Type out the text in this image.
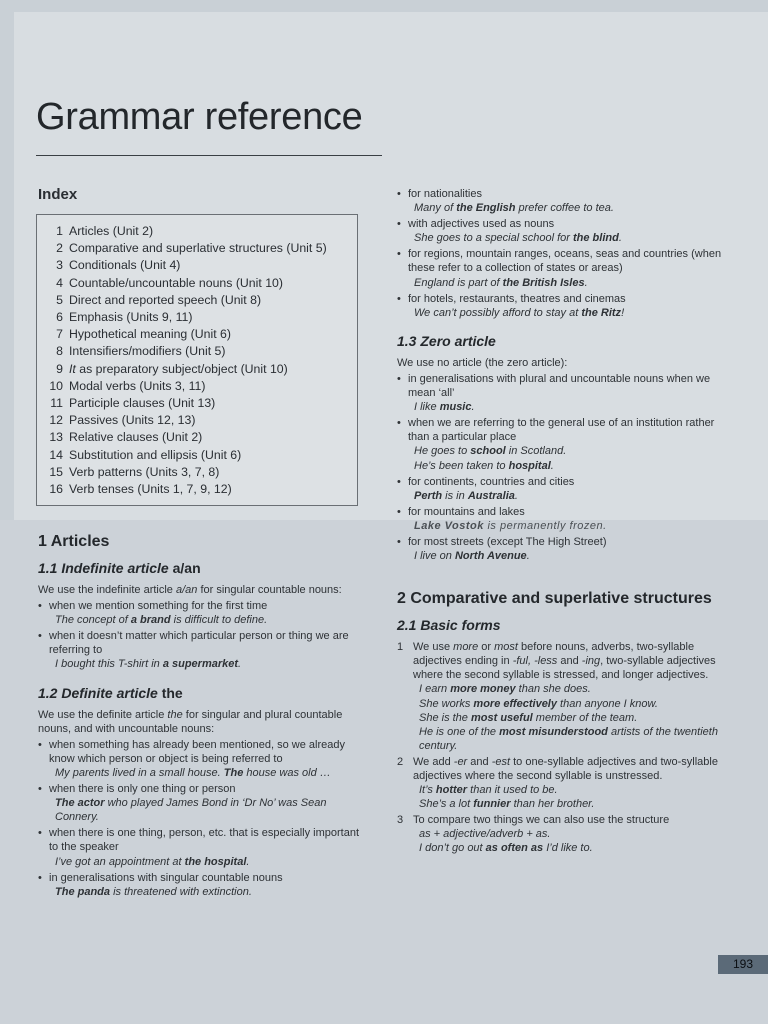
Grammar reference
Index
1 Articles (Unit 2)
2 Comparative and superlative structures (Unit 5)
3 Conditionals (Unit 4)
4 Countable/uncountable nouns (Unit 10)
5 Direct and reported speech (Unit 8)
6 Emphasis (Units 9, 11)
7 Hypothetical meaning (Unit 6)
8 Intensifiers/modifiers (Unit 5)
9 It as preparatory subject/object (Unit 10)
10 Modal verbs (Units 3, 11)
11 Participle clauses (Unit 13)
12 Passives (Units 12, 13)
13 Relative clauses (Unit 2)
14 Substitution and ellipsis (Unit 6)
15 Verb patterns (Units 3, 7, 8)
16 Verb tenses (Units 1, 7, 9, 12)
1 Articles
1.1 Indefinite article a/an

We use the indefinite article a/an for singular countable nouns:

• when we mention something for the first time
The concept of a brand is difficult to define.
• when it doesn’t matter which particular person or thing we are referring to
I bought this T-shirt in a supermarket.
1.2 Definite article the

We use the definite article the for singular and plural countable nouns, and with uncountable nouns:

• when something has already been mentioned, so we already know which person or object is being referred to
My parents lived in a small house. The house was old …
• when there is only one thing or person
The actor who played James Bond in ‘Dr No’ was Sean Connery.
• when there is one thing, person, etc. that is especially important to the speaker
I’ve got an appointment at the hospital.
• in generalisations with singular countable nouns
The panda is threatened with extinction.
• for nationalities
Many of the English prefer coffee to tea.
• with adjectives used as nouns
She goes to a special school for the blind.
• for regions, mountain ranges, oceans, seas and countries (when these refer to a collection of states or areas)
England is part of the British Isles.
• for hotels, restaurants, theatres and cinemas
We can’t possibly afford to stay at the Ritz!
1.3 Zero article

We use no article (the zero article):

• in generalisations with plural and uncountable nouns when we mean ‘all’
I like music.
• when we are referring to the general use of an institution rather than a particular place
He goes to school in Scotland.
He’s been taken to hospital.
• for continents, countries and cities
Perth is in Australia.
• for mountains and lakes
Lake Vostok is permanently frozen.
• for most streets (except The High Street)
I live on North Avenue.
2 Comparative and superlative structures
2.1 Basic forms
1 We use more or most before nouns, adverbs, two-syllable adjectives ending in -ful, -less and -ing, two-syllable adjectives where the second syllable is stressed, and longer adjectives.
I earn more money than she does.
She works more effectively than anyone I know.
She is the most useful member of the team.
He is one of the most misunderstood artists of the twentieth century.
2 We add -er and -est to one-syllable adjectives and two-syllable adjectives where the second syllable is unstressed.
It’s hotter than it used to be.
She’s a lot funnier than her brother.
3 To compare two things we can also use the structure
as + adjective/adverb + as.
I don’t go out as often as I’d like to.
193
